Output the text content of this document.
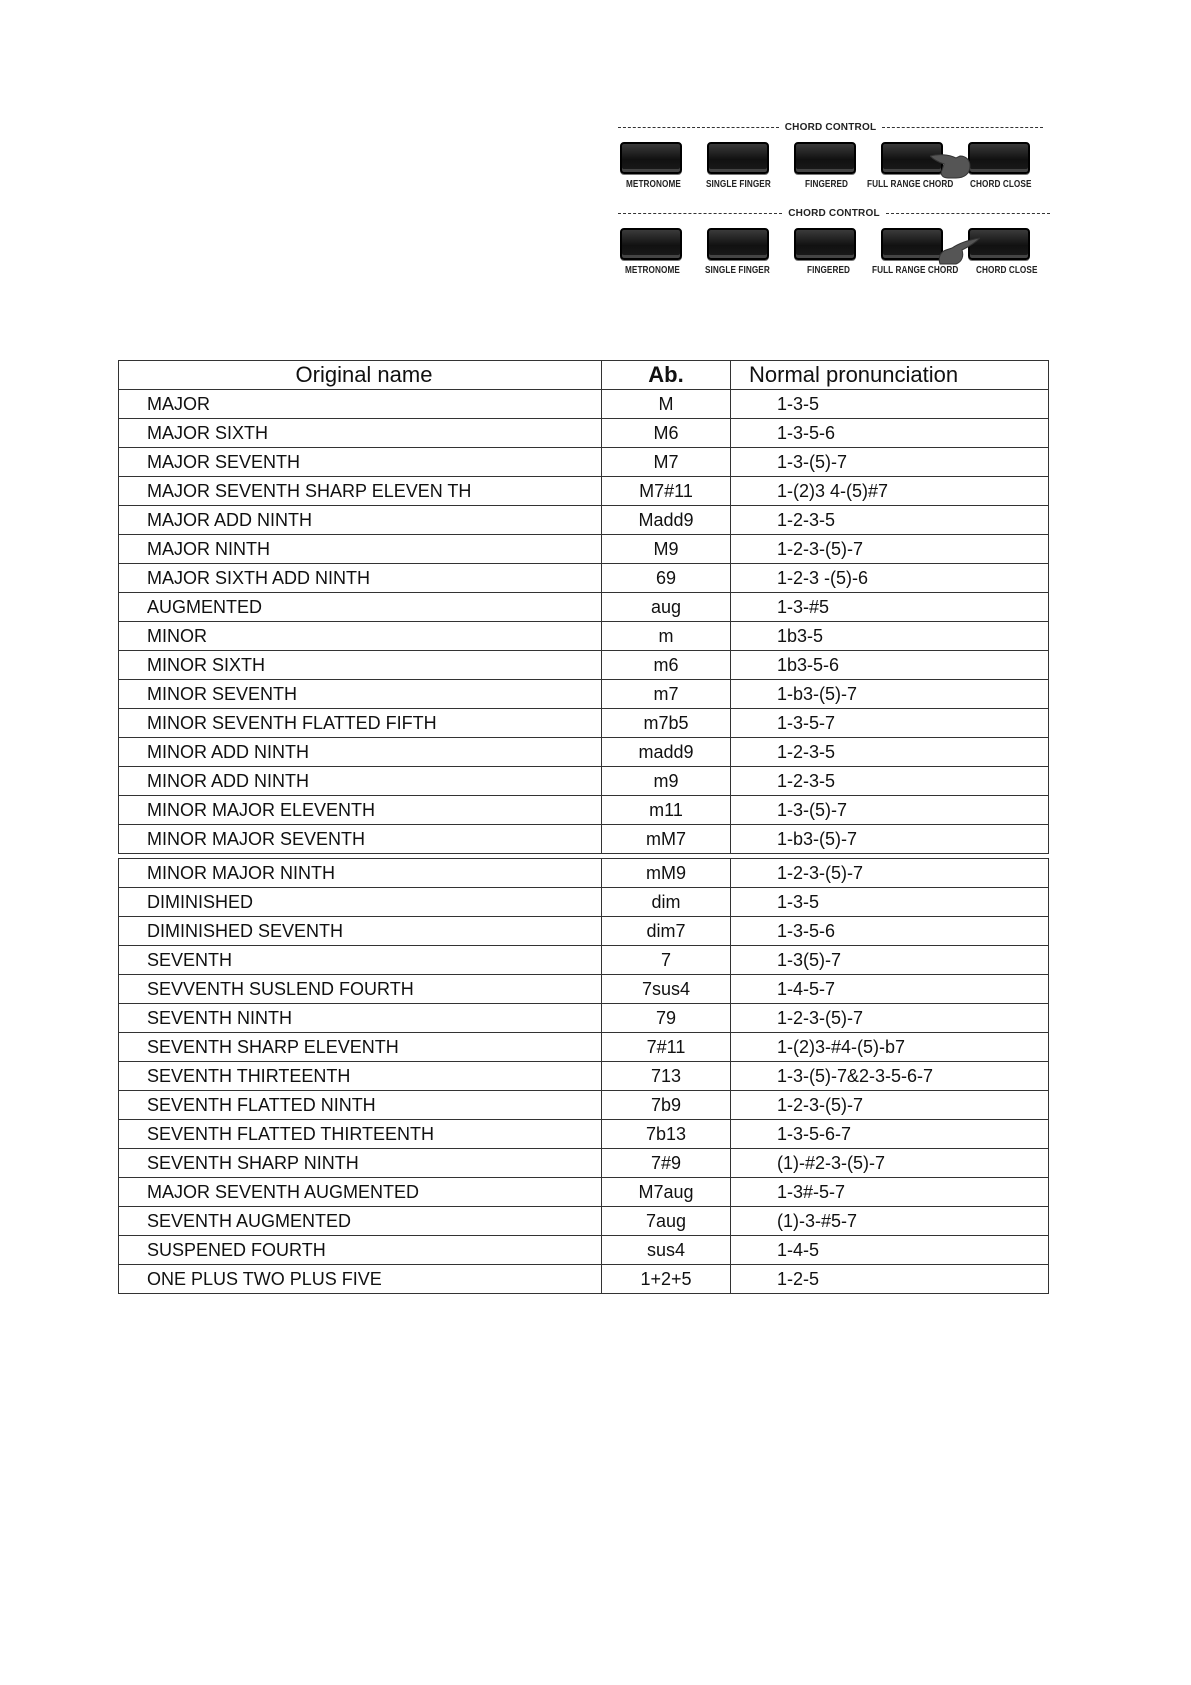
CHORD CONTROL
METRONOME	SINGLE FINGER	FINGERED FULL RANGE CHORD CHORD CLOSE
CHORD CONTROL
METRONOME	SINGLE FINGER	FINGERED FULL RANGE CHORD CHORD CLOSE
Original name	Ab.	Normal pronunciation
MAJOR	M	1-3-5
MAJOR SIXTH	M6	1-3-5-6
MAJOR SEVENTH	M7	1-3-(5)-7
MAJOR SEVENTH SHARP ELEVEN TH	M7#11	1-(2)3 4-(5)#7
MAJOR ADD NINTH	Madd9	1-2-3-5
MAJOR NINTH	M9	1-2-3-(5)-7
MAJOR SIXTH ADD NINTH	69	1-2-3 -(5)-6
AUGMENTED	aug	1-3-#5
MINOR	m	1b3-5
MINOR SIXTH	m6	1b3-5-6
MINOR SEVENTH	m7	1-b3-(5)-7
MINOR SEVENTH FLATTED FIFTH	m7b5	1-3-5-7
MINOR ADD NINTH	madd9	1-2-3-5
MINOR ADD NINTH	m9	1-2-3-5
MINOR MAJOR ELEVENTH	m11	1-3-(5)-7
MINOR MAJOR SEVENTH	mM7	1-b3-(5)-7
MINOR MAJOR NINTH	mM9	1-2-3-(5)-7
DIMINISHED	dim	1-3-5
DIMINISHED SEVENTH	dim7	1-3-5-6
SEVENTH	7	1-3(5)-7
SEVVENTH SUSLEND FOURTH	7sus4	1-4-5-7
SEVENTH NINTH	79	1-2-3-(5)-7
SEVENTH SHARP ELEVENTH	7#11	1-(2)3-#4-(5)-b7
SEVENTH THIRTEENTH	713	1-3-(5)-7&2-3-5-6-7
SEVENTH FLATTED NINTH	7b9	1-2-3-(5)-7
SEVENTH FLATTED THIRTEENTH	7b13	1-3-5-6-7
SEVENTH SHARP NINTH	7#9	(1)-#2-3-(5)-7
MAJOR SEVENTH AUGMENTED	M7aug	1-3#-5-7
SEVENTH AUGMENTED	7aug	(1)-3-#5-7
SUSPENED FOURTH	sus4	1-4-5
ONE PLUS TWO PLUS FIVE	1+2+5	1-2-5
